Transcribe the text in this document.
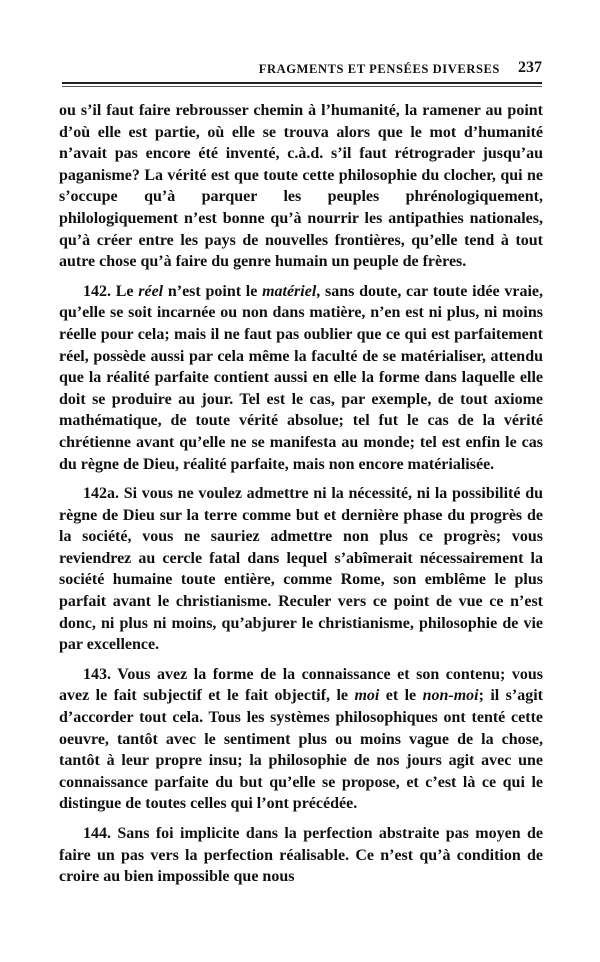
FRAGMENTS ET PENSÉES DIVERSES 237

ou s’il faut faire rebrousser chemin à l’humanité, la ramener au point d’où elle est partie, où elle se trouva alors que le mot d’humanité n’avait pas encore été inventé, c.à.d. s’il faut rétrograder jusqu’au paganisme? La vérité est que toute cette philosophie du clocher, qui ne s’occupe qu’à parquer les peuples phrénologiquement, philologiquement n’est bonne qu’à nourrir les antipathies nationales, qu’à créer entre les pays de nouvelles frontières, qu’elle tend à tout autre chose qu’à faire du genre humain un peuple de frères.

142. Le réel n’est point le matériel, sans doute, car toute idée vraie, qu’elle se soit incarnée ou non dans matière, n’en est ni plus, ni moins réelle pour cela; mais il ne faut pas oublier que ce qui est parfaitement réel, possède aussi par cela même la faculté de se matérialiser, attendu que la réalité parfaite contient aussi en elle la forme dans laquelle elle doit se produire au jour. Tel est le cas, par exemple, de tout axiome mathématique, de toute vérité absolue; tel fut le cas de la vérité chrétienne avant qu’elle ne se manifesta au monde; tel est enfin le cas du règne de Dieu, réalité parfaite, mais non encore matérialisée.

142a. Si vous ne voulez admettre ni la nécessité, ni la possibilité du règne de Dieu sur la terre comme but et dernière phase du progrès de la société, vous ne sauriez admettre non plus ce progrès; vous reviendrez au cercle fatal dans lequel s’abîmerait nécessairement la société humaine toute entière, comme Rome, son emblême le plus parfait avant le christianisme. Reculer vers ce point de vue ce n’est donc, ni plus ni moins, qu’abjurer le christianisme, philosophie de vie par excellence.

143. Vous avez la forme de la connaissance et son contenu; vous avez le fait subjectif et le fait objectif, le moi et le non-moi; il s’agit d’accorder tout cela. Tous les systèmes philosophiques ont tenté cette oeuvre, tantôt avec le sentiment plus ou moins vague de la chose, tantôt à leur propre insu; la philosophie de nos jours agit avec une connaissance parfaite du but qu’elle se propose, et c’est là ce qui le distingue de toutes celles qui l’ont précédée.

144. Sans foi implicite dans la perfection abstraite pas moyen de faire un pas vers la perfection réalisable. Ce n’est qu’à condition de croire au bien impossible que nous
